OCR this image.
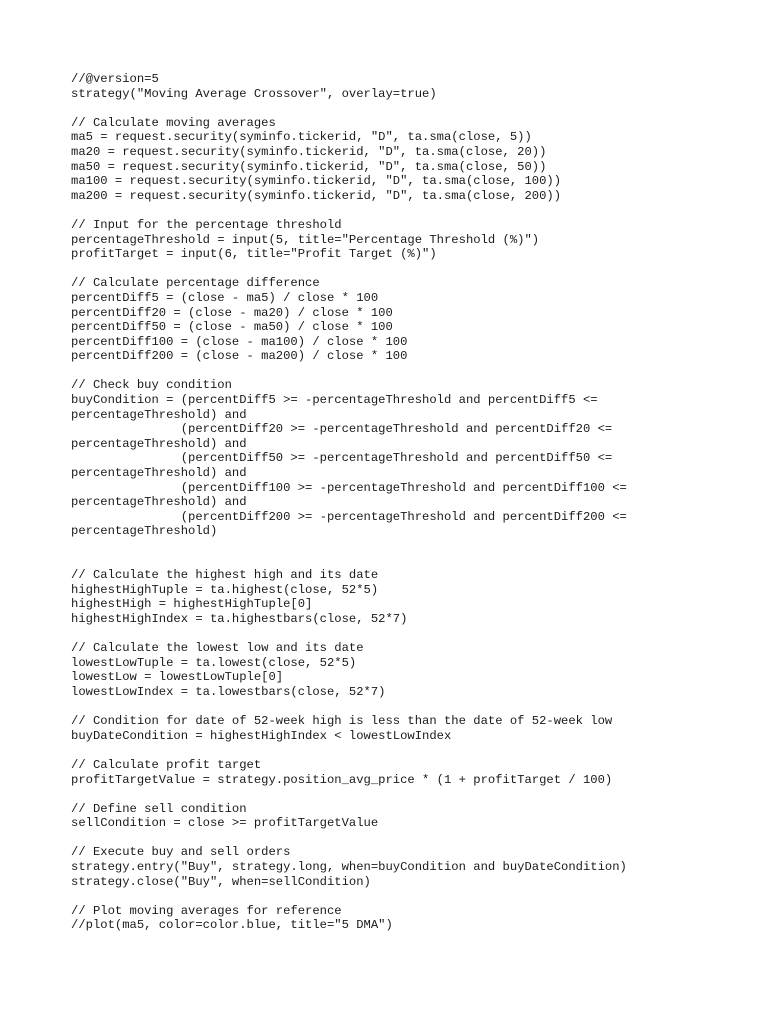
//@version=5
strategy("Moving Average Crossover", overlay=true)
// Calculate moving averages
ma5 = request.security(syminfo.tickerid, "D", ta.sma(close, 5))
ma20 = request.security(syminfo.tickerid, "D", ta.sma(close, 20))
ma50 = request.security(syminfo.tickerid, "D", ta.sma(close, 50))
ma100 = request.security(syminfo.tickerid, "D", ta.sma(close, 100))
ma200 = request.security(syminfo.tickerid, "D", ta.sma(close, 200))
// Input for the percentage threshold
percentageThreshold = input(5, title="Percentage Threshold (%)")
profitTarget = input(6, title="Profit Target (%)")
// Calculate percentage difference
percentDiff5 = (close - ma5) / close * 100
percentDiff20 = (close - ma20) / close * 100
percentDiff50 = (close - ma50) / close * 100
percentDiff100 = (close - ma100) / close * 100
percentDiff200 = (close - ma200) / close * 100
// Check buy condition
buyCondition = (percentDiff5 >= -percentageThreshold and percentDiff5 <=
percentageThreshold) and
(percentDiff20 >= -percentageThreshold and percentDiff20 <=
percentageThreshold) and
(percentDiff50 >= -percentageThreshold and percentDiff50 <=
percentageThreshold) and
(percentDiff100 >= -percentageThreshold and percentDiff100 <=
percentageThreshold) and
(percentDiff200 >= -percentageThreshold and percentDiff200 <=
percentageThreshold)
// Calculate the highest high and its date
highestHighTuple = ta.highest(close, 52*5)
highestHigh = highestHighTuple[0]
highestHighIndex = ta.highestbars(close, 52*7)
// Calculate the lowest low and its date
lowestLowTuple = ta.lowest(close, 52*5)
lowestLow = lowestLowTuple[0]
lowestLowIndex = ta.lowestbars(close, 52*7)
// Condition for date of 52-week high is less than the date of 52-week low
buyDateCondition = highestHighIndex < lowestLowIndex
// Calculate profit target
profitTargetValue = strategy.position_avg_price * (1 + profitTarget / 100)
// Define sell condition
sellCondition = close >= profitTargetValue
// Execute buy and sell orders
strategy.entry("Buy", strategy.long, when=buyCondition and buyDateCondition)
strategy.close("Buy", when=sellCondition)
// Plot moving averages for reference
//plot(ma5, color=color.blue, title="5 DMA")
